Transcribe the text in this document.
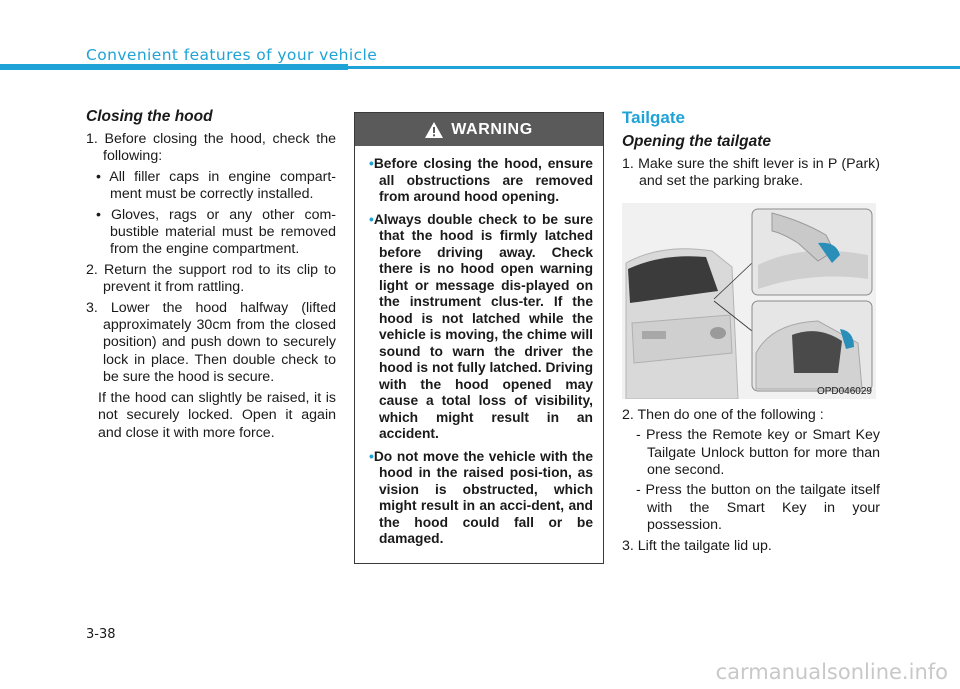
Convenient features of your vehicle
Closing the hood

1. Before closing the hood, check the following:

• All filler caps in engine compart-ment must be correctly installed.

• Gloves, rags or any other com-bustible material must be removed from the engine compartment.

2. Return the support rod to its clip to prevent it from rattling.

3. Lower the hood halfway (lifted approximately 30cm from the closed position) and push down to securely lock in place. Then double check to be sure the hood is secure.

If the hood can slightly be raised, it is not securely locked. Open it again and close it with more force.

WARNING

•Before closing the hood, ensure all obstructions are removed from around hood opening.

•Always double check to be sure that the hood is firmly latched before driving away. Check there is no hood open warning light or message dis-played on the instrument clus-ter. If the hood is not latched while the vehicle is moving, the chime will sound to warn the driver the hood is not fully latched. Driving with the hood opened may cause a total loss of visibility, which might result in an accident.

•Do not move the vehicle with the hood in the raised posi-tion, as vision is obstructed, which might result in an acci-dent, and the hood could fall or be damaged.

Tailgate
Opening the tailgate

1. Make sure the shift lever is in P (Park) and set the parking brake.

OPD046029

2. Then do one of the following :

- Press the Remote key or Smart Key Tailgate Unlock button for more than one second.

- Press the button on the tailgate itself with the Smart Key in your possession.

3. Lift the tailgate lid up.

3-38
carmanualsonline.info
